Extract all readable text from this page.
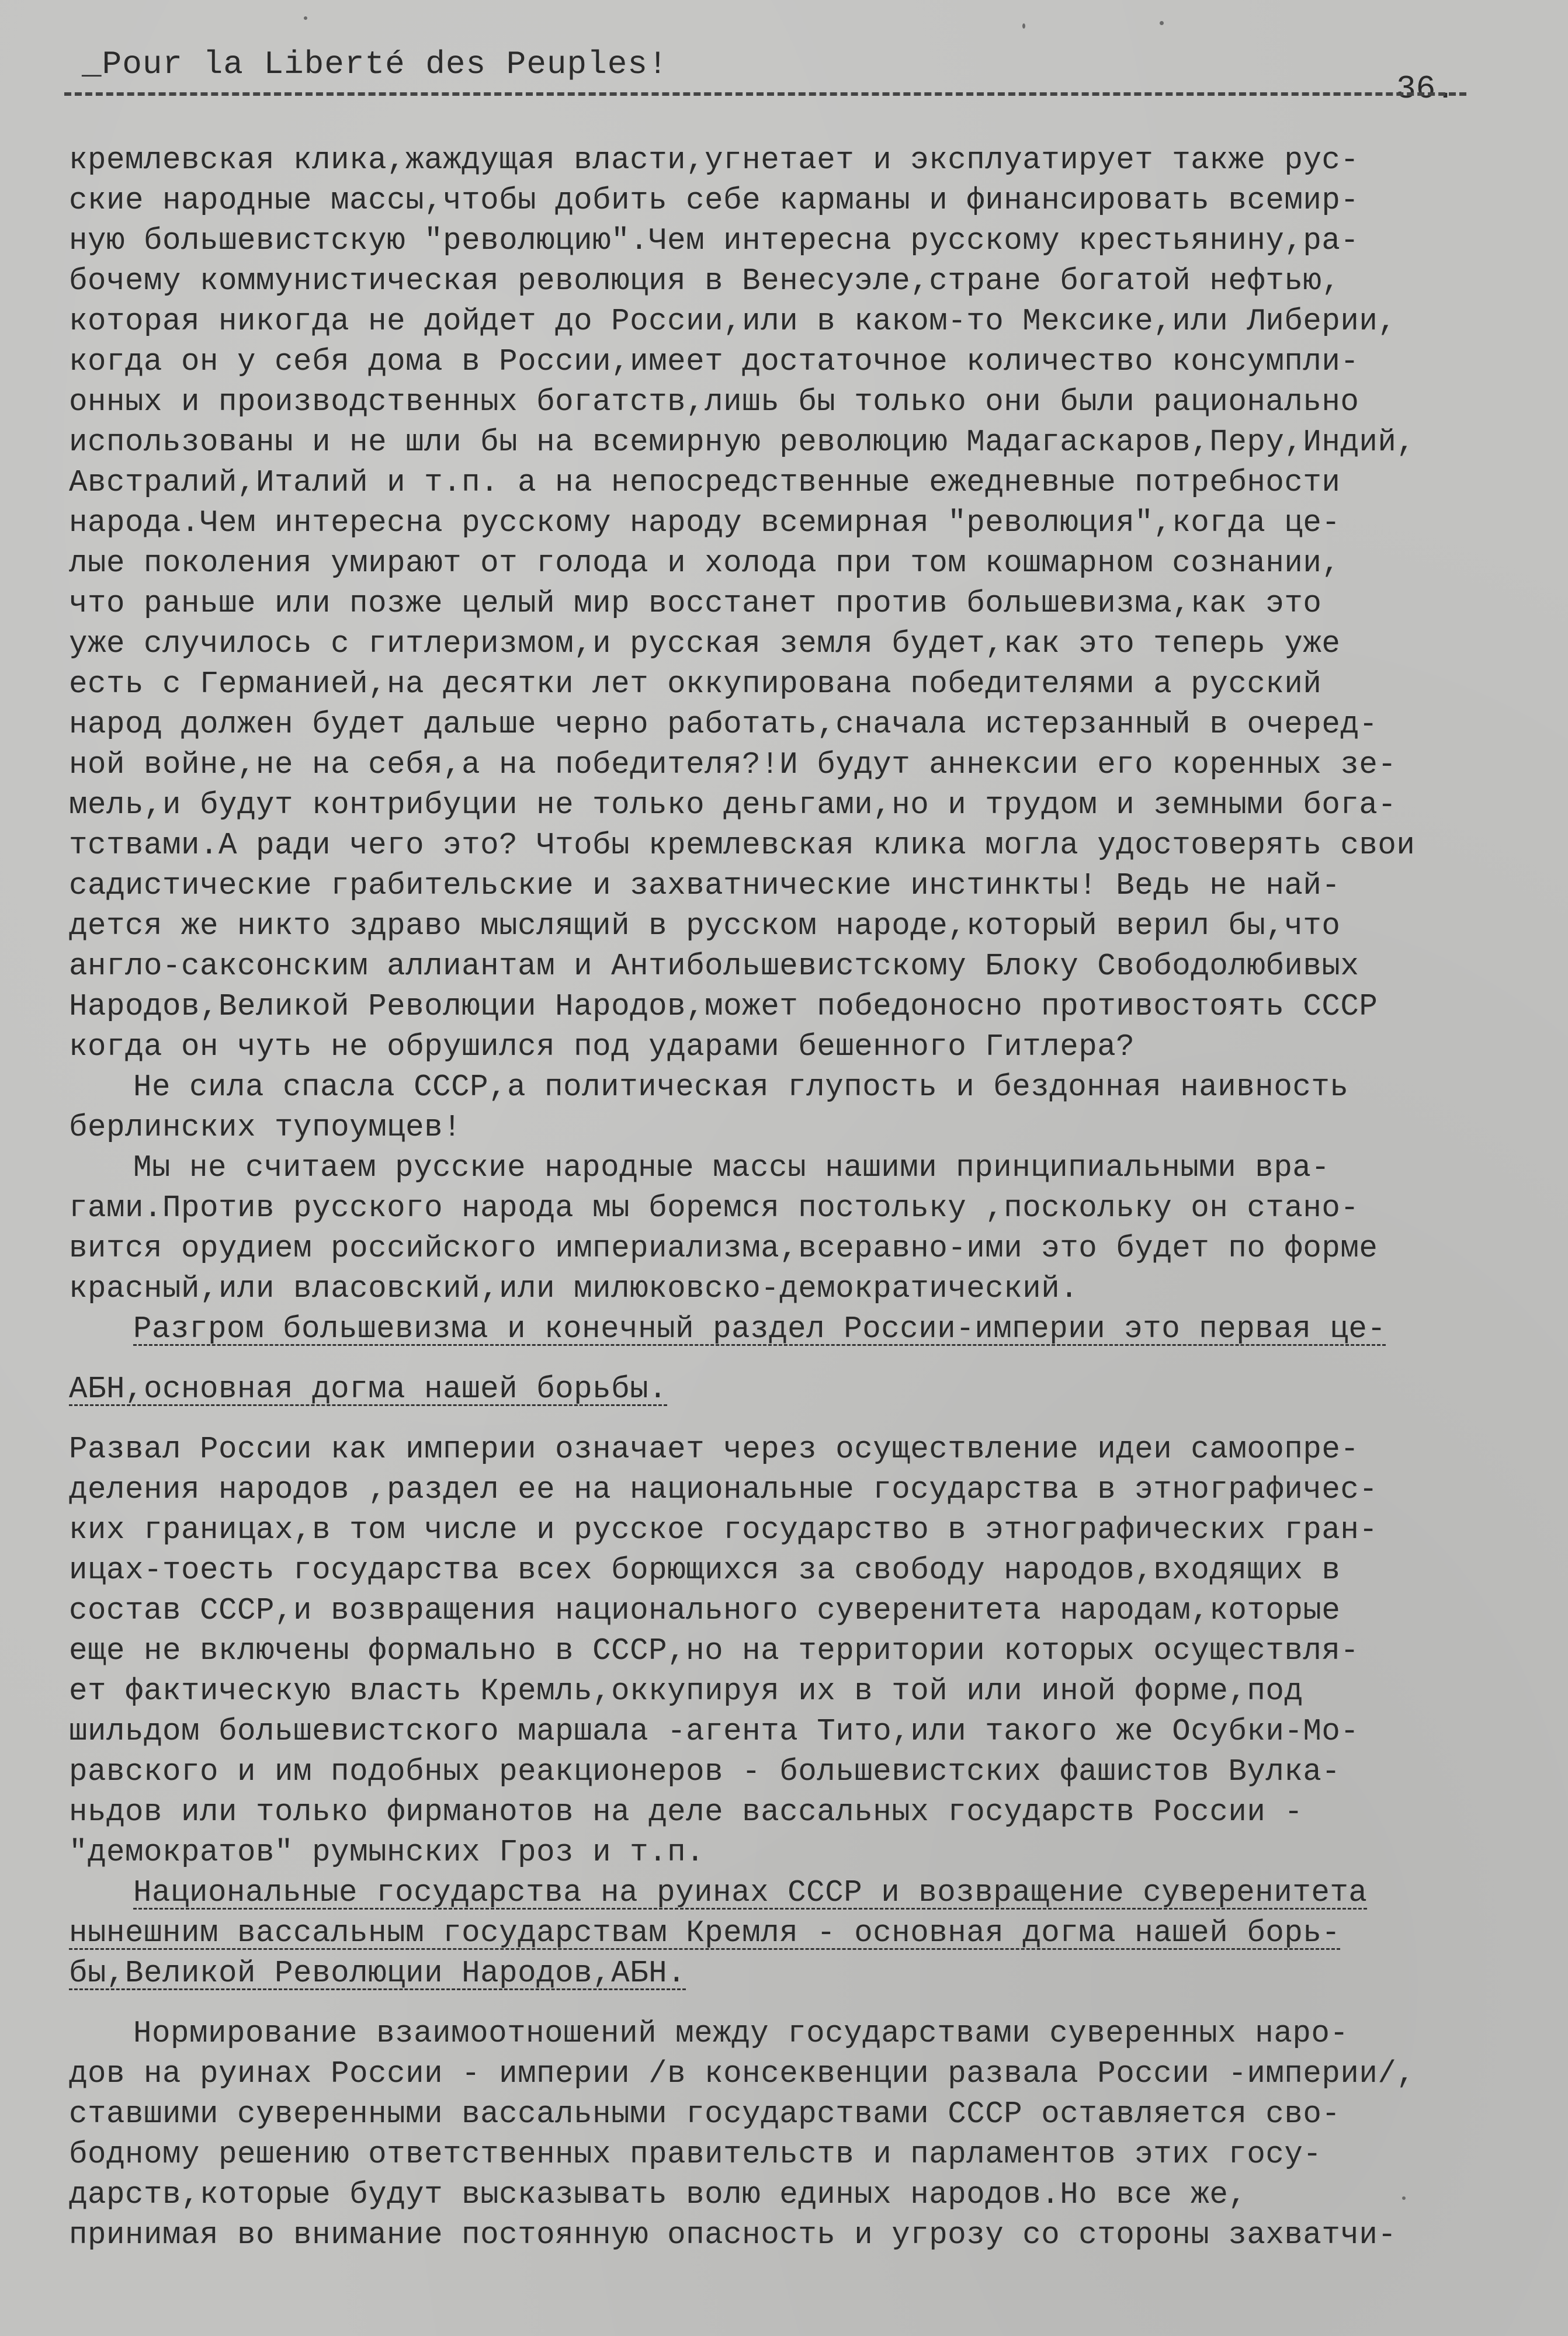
_Pour la Liberté des Peuples!
36.

кремлевская клика,жаждущая власти,угнетает и эксплуатирует также рус-

ские народные массы,чтобы добить себе карманы и финансировать всемир-

ную большевистскую "революцию".Чем интересна русскому крестьянину,ра-

бочему коммунистическая революция в Венесуэле,стране богатой нефтью,

которая никогда не дойдет до России,или в каком-то Мексике,или Либерии,

когда он у себя дома в России,имеет достаточное количество консумпли-

онных и производственных богатств,лишь бы только они были рационально

использованы и не шли бы на всемирную революцию Мадагаскаров,Перу,Индий,

Австралий,Италий и т.п. а на непосредственные ежедневные потребности

народа.Чем интересна русскому народу всемирная "революция",когда це-

лые поколения умирают от голода и холода при том кошмарном сознании,

что раньше или позже целый мир восстанет против большевизма,как это

уже случилось с гитлеризмом,и русская земля будет,как это теперь уже

есть с Германией,на десятки лет оккупирована победителями а русский

народ должен будет дальше черно работать,сначала истерзанный в очеред-

ной войне,не на себя,а на победителя?!И будут аннексии его коренных зе-

мель,и будут контрибуции не только деньгами,но и трудом и земными бога-

тствами.А ради чего это? Чтобы кремлевская клика могла удостоверять свои

садистические грабительские и захватнические инстинкты! Ведь не най-

дется же никто здраво мыслящий в русском народе,который верил бы,что

англо-саксонским аллиантам и Антибольшевистскому Блоку Свободолюбивых

Народов,Великой Революции Народов,может победоносно противостоять СССР

когда он чуть не обрушился под ударами бешенного Гитлера?

Не сила спасла СССР,а политическая глупость и бездонная наивность

берлинских тупоумцев!

Мы не считаем русские народные массы нашими принципиальными вра-

гами.Против русского народа мы боремся постольку ,поскольку он стано-

вится орудием российского империализма,всеравно-ими это будет по форме

красный,или власовский,или милюковско-демократический.

Разгром большевизма и конечный раздел России-империи это первая це-

АБН,основная догма нашей борьбы.

Развал России как империи означает через осуществление идеи самоопре-

деления народов ,раздел ее на национальные государства в этнографичес-

ких границах,в том числе и русское государство в этнографических гран-

ицах-тоесть государства всех борющихся за свободу народов,входящих в

состав СССР,и возвращения национального суверенитета народам,которые

еще не включены формально в СССР,но на территории которых осуществля-

ет фактическую власть Кремль,оккупируя их в той или иной форме,под

шильдом большевистского маршала -агента Тито,или такого же Осубки-Мо-

равского и им подобных реакционеров - большевистских фашистов Вулка-

ньдов или только фирманотов на деле вассальных государств России -

"демократов" румынских Гроз и т.п.

Национальные государства на руинах СССР и возвращение суверенитета

нынешним вассальным государствам Кремля - основная догма нашей борь-

бы,Великой Революции Народов,АБН.

Нормирование взаимоотношений между государствами суверенных наро-

дов на руинах России - империи /в консеквенции развала России -империи/,

ставшими суверенными вассальными государствами СССР оставляется сво-

бодному решению ответственных правительств и парламентов этих госу-

дарств,которые будут высказывать волю единых народов.Но все же,

принимая во внимание постоянную опасность и угрозу со стороны захватчи-
